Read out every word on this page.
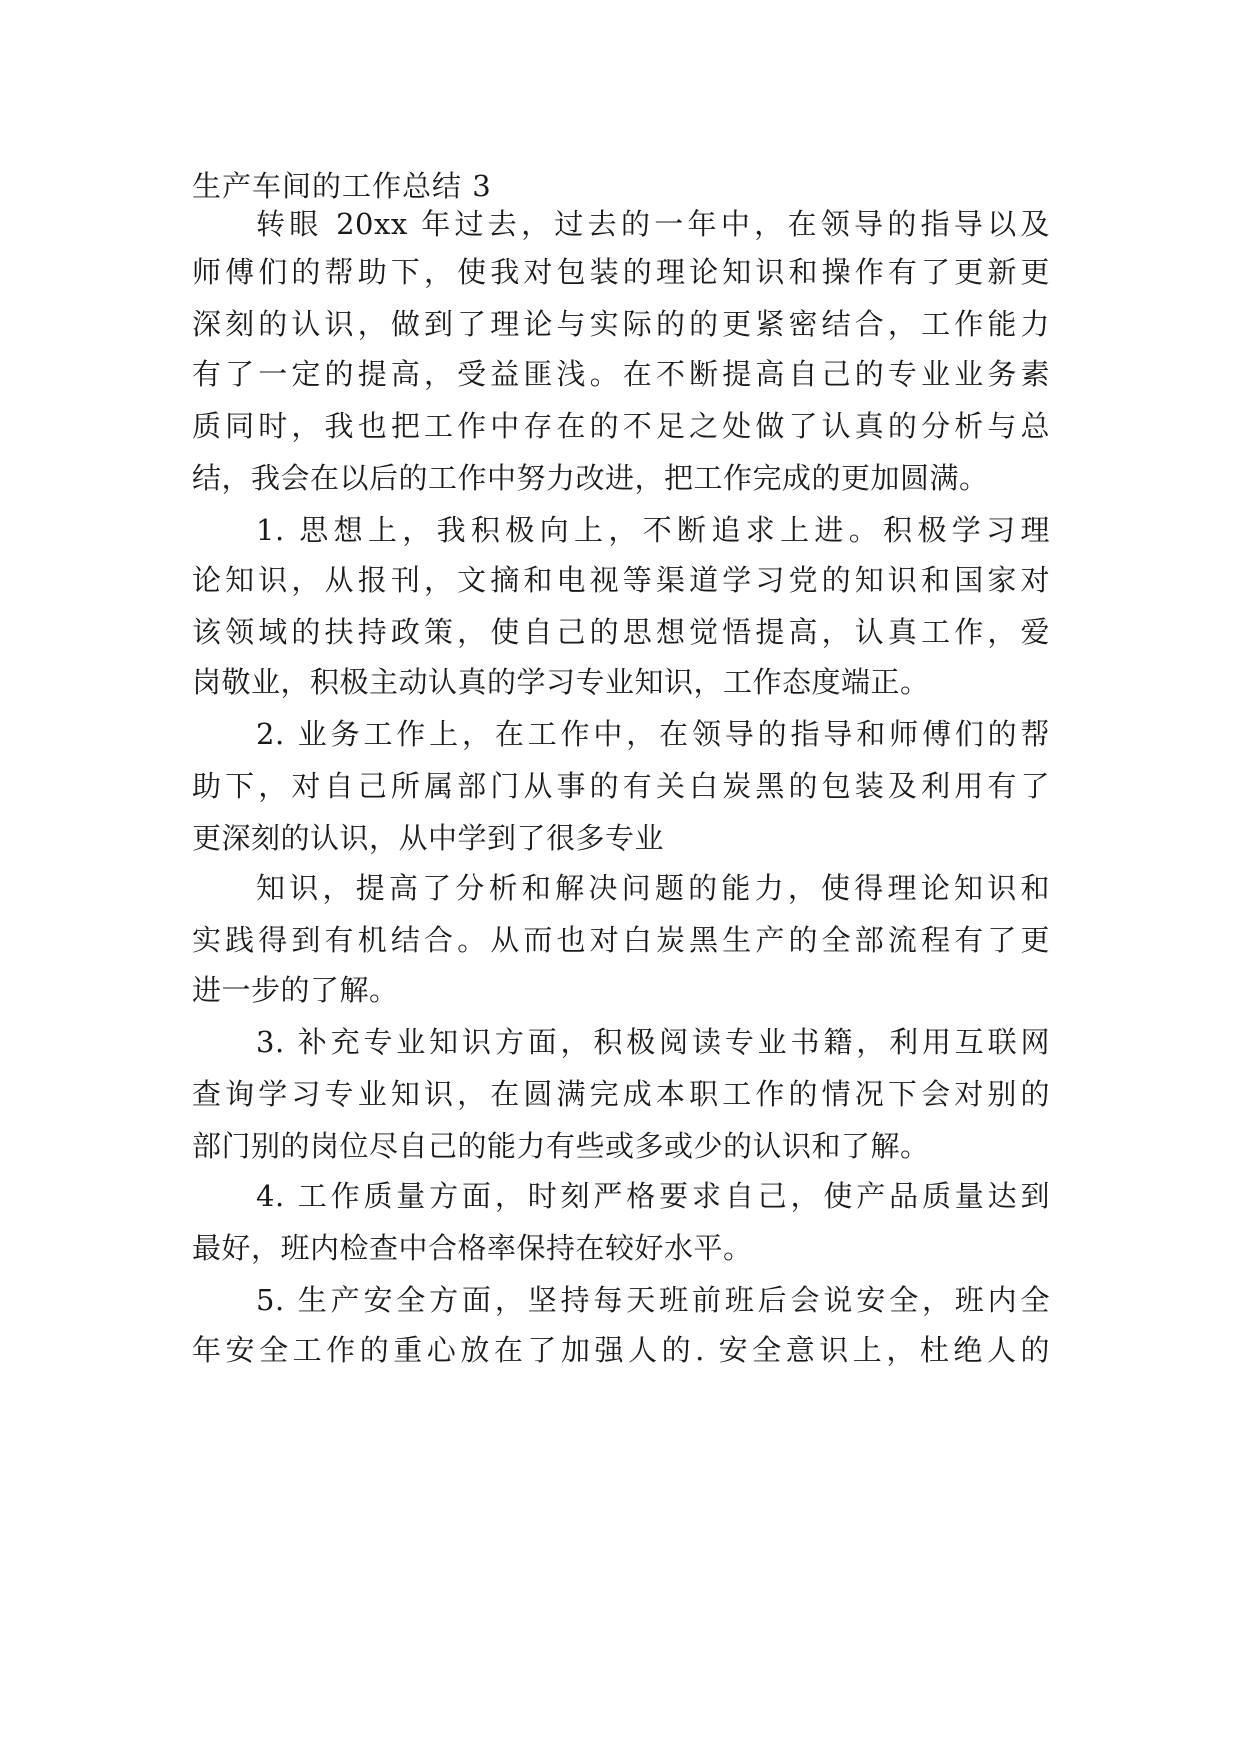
生产车间的工作总结 3
转眼 20xx 年过去，过去的一年中，在领导的指导以及
师傅们的帮助下，使我对包装的理论知识和操作有了更新更
深刻的认识，做到了理论与实际的的更紧密结合，工作能力
有了一定的提高，受益匪浅。在不断提高自己的专业业务素
质同时，我也把工作中存在的不足之处做了认真的分析与总
结，我会在以后的工作中努力改进，把工作完成的更加圆满。
1. 思想上，我积极向上，不断追求上进。积极学习理
论知识，从报刊，文摘和电视等渠道学习党的知识和国家对
该领域的扶持政策，使自己的思想觉悟提高，认真工作，爱
岗敬业，积极主动认真的学习专业知识，工作态度端正。
2. 业务工作上，在工作中，在领导的指导和师傅们的帮
助下，对自己所属部门从事的有关白炭黑的包装及利用有了
更深刻的认识，从中学到了很多专业
知识，提高了分析和解决问题的能力，使得理论知识和
实践得到有机结合。从而也对白炭黑生产的全部流程有了更
进一步的了解。
3. 补充专业知识方面，积极阅读专业书籍，利用互联网
查询学习专业知识，在圆满完成本职工作的情况下会对别的
部门别的岗位尽自己的能力有些或多或少的认识和了解。
4. 工作质量方面，时刻严格要求自己，使产品质量达到
最好，班内检查中合格率保持在较好水平。
5. 生产安全方面，坚持每天班前班后会说安全，班内全
年安全工作的重心放在了加强人的. 安全意识上，杜绝人的
